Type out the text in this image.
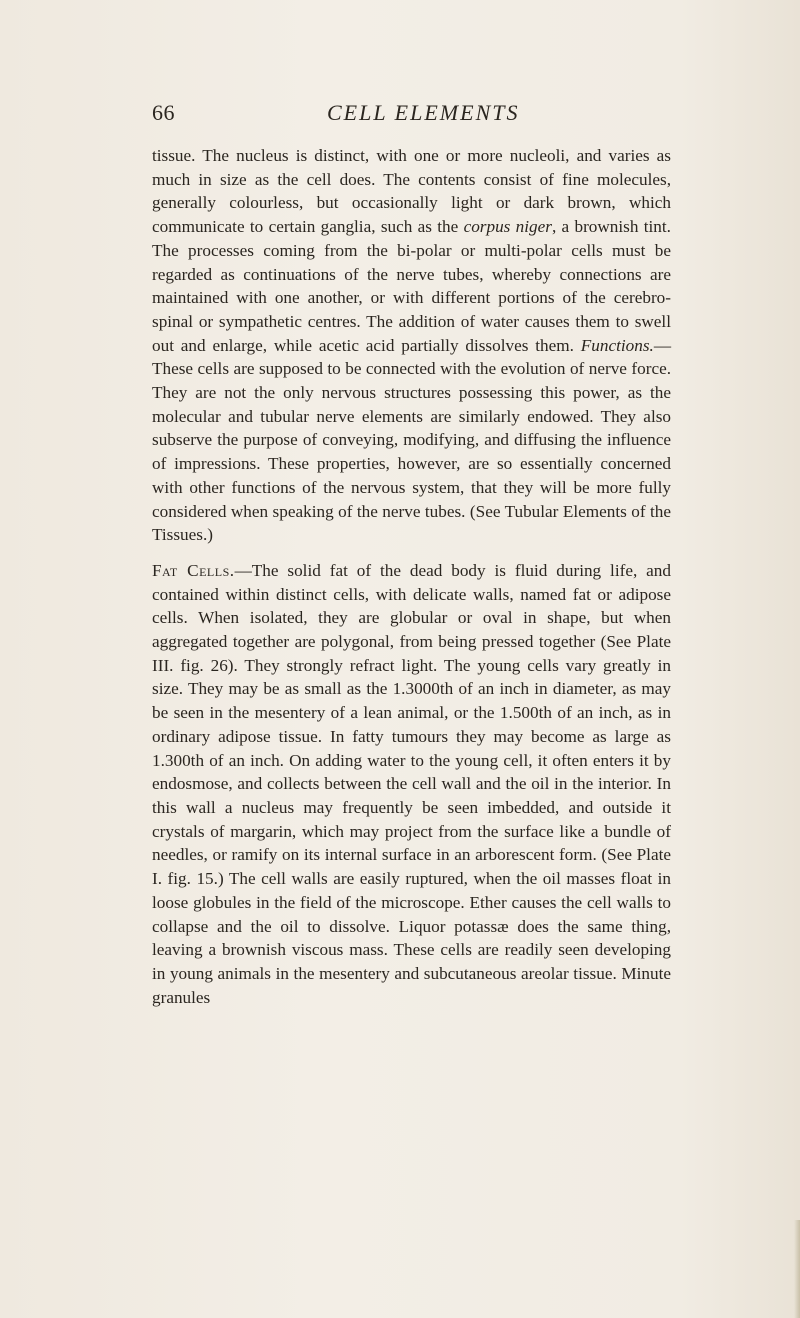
66	CELL ELEMENTS

tissue. The nucleus is distinct, with one or more nucleoli, and varies as much in size as the cell does. The contents consist of fine molecules, generally colourless, but occasionally light or dark brown, which communicate to certain ganglia, such as the corpus niger, a brownish tint. The processes coming from the bi-polar or multi-polar cells must be regarded as continuations of the nerve tubes, whereby connections are maintained with one another, or with different portions of the cerebro-spinal or sympathetic centres. The addition of water causes them to swell out and enlarge, while acetic acid partially dissolves them. Functions.—These cells are supposed to be connected with the evolution of nerve force. They are not the only nervous structures possessing this power, as the molecular and tubular nerve elements are similarly endowed. They also subserve the purpose of conveying, modifying, and diffusing the influence of impressions. These properties, however, are so essentially concerned with other functions of the nervous system, that they will be more fully considered when speaking of the nerve tubes. (See Tubular Elements of the Tissues.)

Fat Cells.—The solid fat of the dead body is fluid during life, and contained within distinct cells, with delicate walls, named fat or adipose cells. When isolated, they are globular or oval in shape, but when aggregated together are polygonal, from being pressed together (See Plate III. fig. 26). They strongly refract light. The young cells vary greatly in size. They may be as small as the 1.3000th of an inch in diameter, as may be seen in the mesentery of a lean animal, or the 1.500th of an inch, as in ordinary adipose tissue. In fatty tumours they may become as large as 1.300th of an inch. On adding water to the young cell, it often enters it by endosmose, and collects between the cell wall and the oil in the interior. In this wall a nucleus may frequently be seen imbedded, and outside it crystals of margarin, which may project from the surface like a bundle of needles, or ramify on its internal surface in an arborescent form. (See Plate I. fig. 15.) The cell walls are easily ruptured, when the oil masses float in loose globules in the field of the microscope. Ether causes the cell walls to collapse and the oil to dissolve. Liquor potassæ does the same thing, leaving a brownish viscous mass. These cells are readily seen developing in young animals in the mesentery and subcutaneous areolar tissue. Minute granules
